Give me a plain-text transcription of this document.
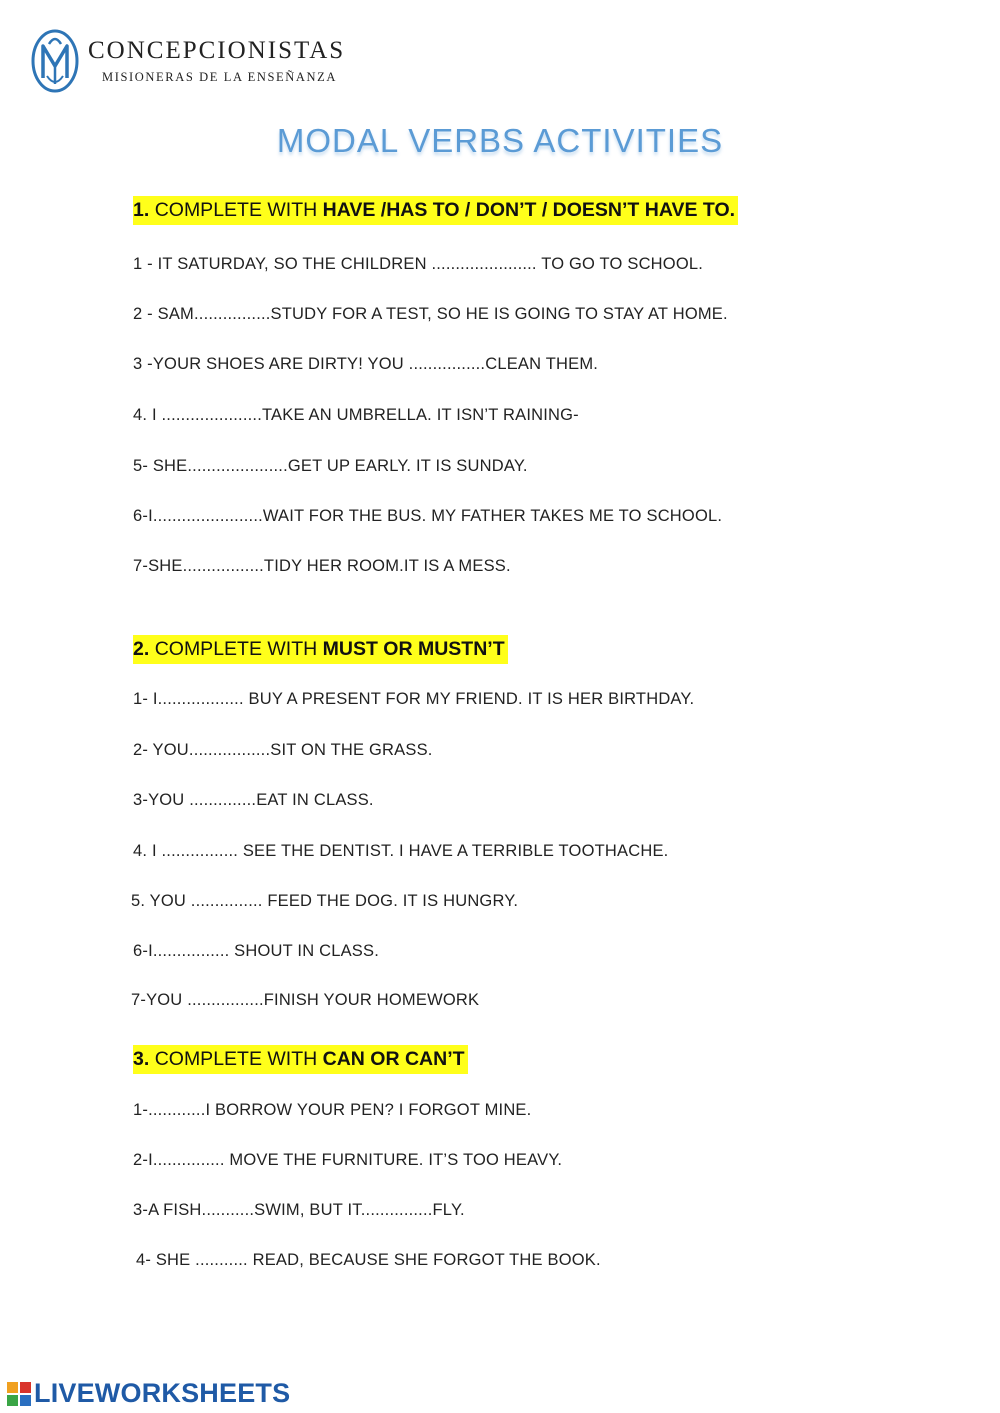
CONCEPCIONISTAS
MISIONERAS DE LA ENSEÑANZA
MODAL VERBS ACTIVITIES
1. COMPLETE WITH HAVE /HAS TO / DON’T / DOESN’T HAVE TO.
1 - IT SATURDAY, SO THE CHILDREN ...................... TO GO TO SCHOOL.
2 - SAM................STUDY FOR A TEST, SO HE IS GOING TO STAY AT HOME.
3 -YOUR SHOES ARE DIRTY! YOU ................CLEAN THEM.
4. I .....................TAKE AN UMBRELLA. IT ISN’T RAINING-
5- SHE.....................GET UP EARLY. IT IS SUNDAY.
6-I.......................WAIT FOR THE BUS. MY FATHER TAKES ME TO SCHOOL.
7-SHE.................TIDY HER ROOM.IT IS A MESS.
2. COMPLETE WITH MUST OR MUSTN’T
1- I.................. BUY A PRESENT FOR MY FRIEND. IT IS HER BIRTHDAY.
2- YOU.................SIT ON THE GRASS.
3-YOU ..............EAT IN CLASS.
4. I ................ SEE THE DENTIST. I HAVE A TERRIBLE TOOTHACHE.
5. YOU ............... FEED THE DOG. IT IS HUNGRY.
6-I................ SHOUT IN CLASS.
7-YOU ................FINISH YOUR HOMEWORK
3. COMPLETE WITH CAN OR CAN’T
1-............I BORROW YOUR PEN? I FORGOT MINE.
2-I............... MOVE THE FURNITURE. IT’S TOO HEAVY.
3-A FISH...........SWIM, BUT IT...............FLY.
4- SHE ........... READ, BECAUSE SHE FORGOT THE BOOK.
LIVEWORKSHEETS
